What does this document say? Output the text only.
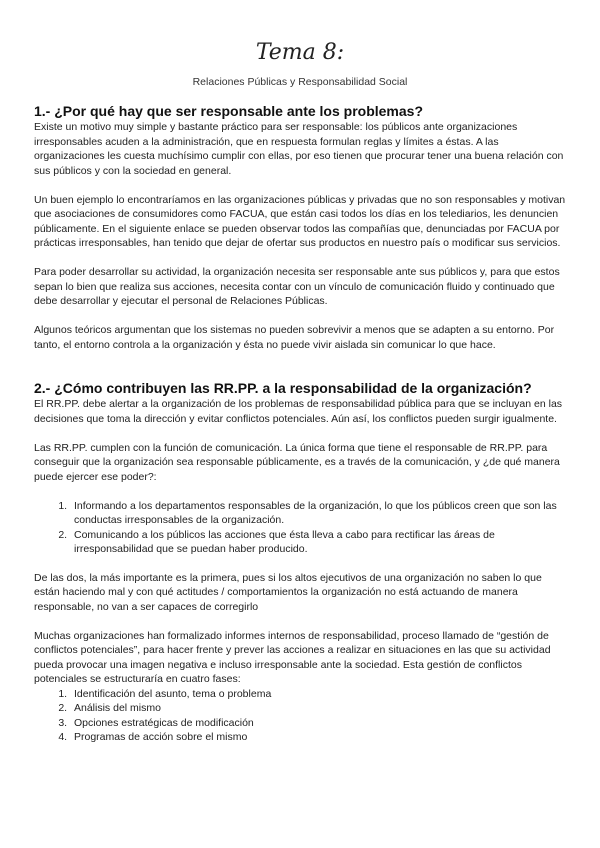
Tema 8:
Relaciones Públicas y Responsabilidad Social
1.- ¿Por qué hay que ser responsable ante los problemas?

Existe un motivo muy simple y bastante práctico para ser responsable: los públicos ante organizaciones irresponsables acuden a la administración, que en respuesta formulan reglas y límites a éstas. A las organizaciones les cuesta muchísimo cumplir con ellas, por eso tienen que procurar tener una buena relación con sus públicos y con la sociedad en general.

Un buen ejemplo lo encontraríamos en las organizaciones públicas y privadas que no son responsables y motivan que asociaciones de consumidores como FACUA, que están casi todos los días en los telediarios, les denuncien públicamente. En el siguiente enlace se pueden observar todos las compañías que, denunciadas por FACUA por prácticas irresponsables, han tenido que dejar de ofertar sus productos en nuestro país o modificar sus servicios.

Para poder desarrollar su actividad, la organización necesita ser responsable ante sus públicos y, para que estos sepan lo bien que realiza sus acciones, necesita contar con un vínculo de comunicación fluido y continuado que debe desarrollar y ejecutar el personal de Relaciones Públicas.

Algunos teóricos argumentan que los sistemas no pueden sobrevivir a menos que se adapten a su entorno. Por tanto, el entorno controla a la organización y ésta no puede vivir aislada sin comunicar lo que hace.

2.- ¿Cómo contribuyen las RR.PP. a la responsabilidad de la organización?

El RR.PP. debe alertar a la organización de los problemas de responsabilidad pública para que se incluyan en las decisiones que toma la dirección y evitar conflictos potenciales. Aún así, los conflictos pueden surgir igualmente.

Las RR.PP. cumplen con la función de comunicación. La única forma que tiene el responsable de RR.PP. para conseguir que la organización sea responsable públicamente, es a través de la comunicación, y ¿de qué manera puede ejercer ese poder?:

1. Informando a los departamentos responsables de la organización, lo que los públicos creen que son las conductas irresponsables de la organización.
2. Comunicando a los públicos las acciones que ésta lleva a cabo para rectificar las áreas de irresponsabilidad que se puedan haber producido.

De las dos, la más importante es la primera, pues si los altos ejecutivos de una organización no saben lo que están haciendo mal y con qué actitudes / comportamientos la organización no está actuando de manera responsable, no van a ser capaces de corregirlo

Muchas organizaciones han formalizado informes internos de responsabilidad, proceso llamado de “gestión de conflictos potenciales”, para hacer frente y prever las acciones a realizar en situaciones en las que su actividad pueda provocar una imagen negativa e incluso irresponsable ante la sociedad. Esta gestión de conflictos potenciales se estructuraría en cuatro fases:

1. Identificación del asunto, tema o problema
2. Análisis del mismo
3. Opciones estratégicas de modificación
4. Programas de acción sobre el mismo
